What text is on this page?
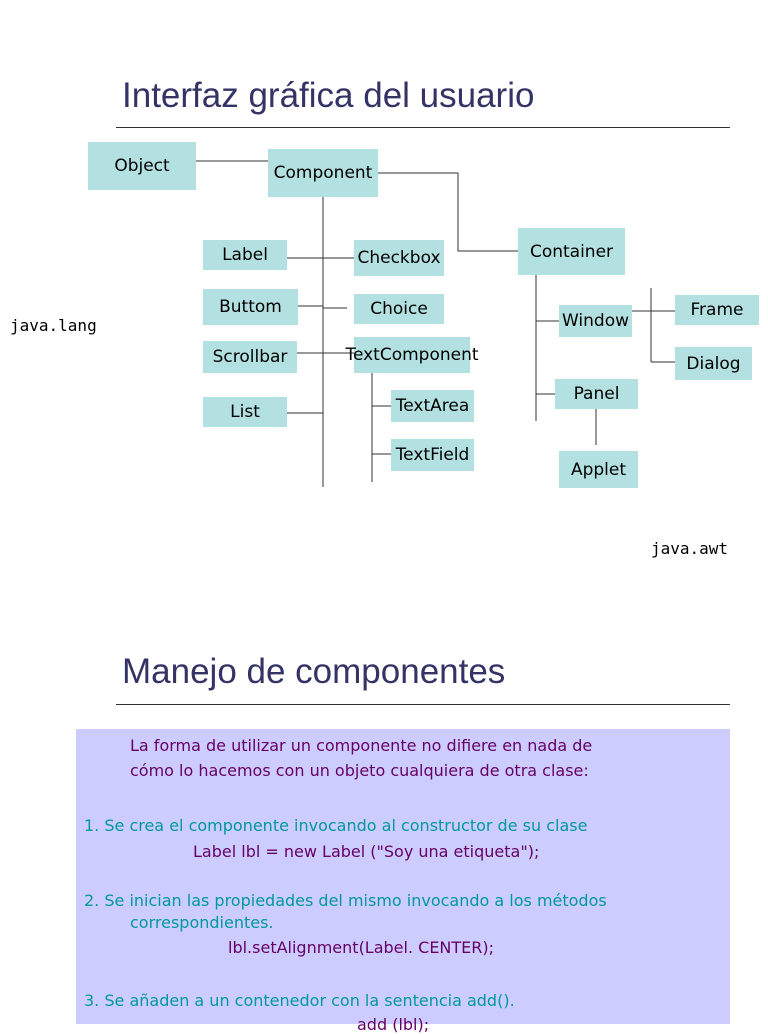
Interfaz gráfica del usuario
Object	Component
Container
Label	Checkbox
Buttom	Choice
Scrollbar	TextComponent
List	TextArea
TextField
Window
Frame
Dialog
Panel
Applet
java.lang
java.awt
Manejo de componentes

La forma de utilizar un componente no difiere en nada de

cómo lo hacemos con un objeto cualquiera de otra clase:

1. Se crea el componente invocando al constructor de su clase

Label lbl = new Label ("Soy una etiqueta");

2. Se inician las propiedades del mismo invocando a los métodos

correspondientes.

lbl.setAlignment(Label. CENTER);

3. Se añaden a un contenedor con la sentencia add().

add (lbl);
